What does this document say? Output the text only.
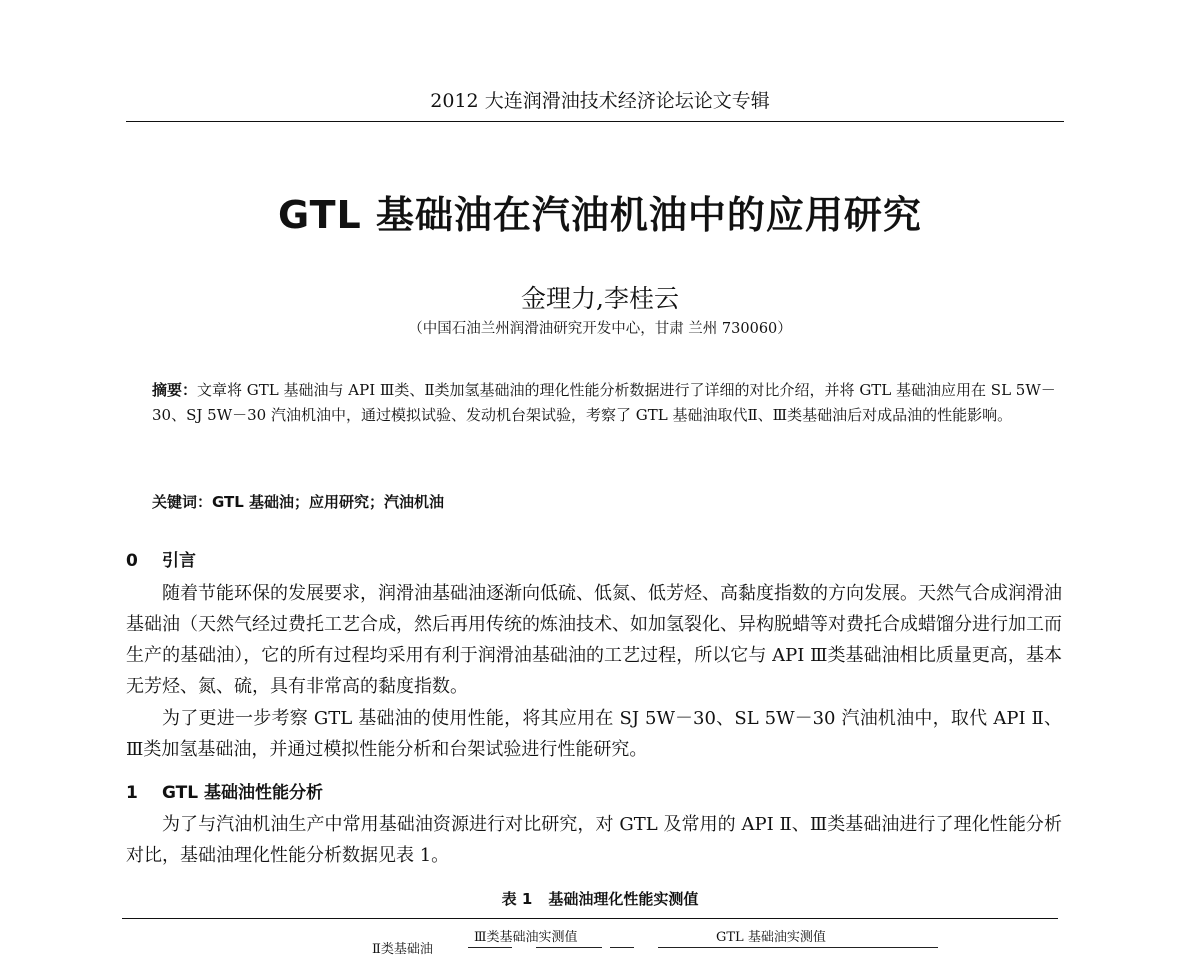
2012 大连润滑油技术经济论坛论文专辑
GTL 基础油在汽油机油中的应用研究
金理力,李桂云
（中国石油兰州润滑油研究开发中心，甘肃 兰州 730060）
摘要：文章将 GTL 基础油与 API Ⅲ类、Ⅱ类加氢基础油的理化性能分析数据进行了详细的对比介绍，并将 GTL 基础油应用在 SL 5W－30、SJ 5W－30 汽油机油中，通过模拟试验、发动机台架试验，考察了 GTL 基础油取代Ⅱ、Ⅲ类基础油后对成品油的性能影响。
关键词：GTL 基础油；应用研究；汽油机油
0 引言
随着节能环保的发展要求，润滑油基础油逐渐向低硫、低氮、低芳烃、高黏度指数的方向发展。天然气合成润滑油基础油（天然气经过费托工艺合成，然后再用传统的炼油技术、如加氢裂化、异构脱蜡等对费托合成蜡馏分进行加工而生产的基础油），它的所有过程均采用有利于润滑油基础油的工艺过程，所以它与 API Ⅲ类基础油相比质量更高，基本无芳烃、氮、硫，具有非常高的黏度指数。
为了更进一步考察 GTL 基础油的使用性能，将其应用在 SJ 5W－30、SL 5W－30 汽油机油中，取代 API Ⅱ、Ⅲ类加氢基础油，并通过模拟性能分析和台架试验进行性能研究。
1 GTL 基础油性能分析
为了与汽油机油生产中常用基础油资源进行对比研究，对 GTL 及常用的 API Ⅱ、Ⅲ类基础油进行了理化性能分析对比，基础油理化性能分析数据见表 1。
表 1 基础油理化性能实测值
Ⅱ类基础油
Ⅲ类基础油实测值	GTL 基础油实测值
